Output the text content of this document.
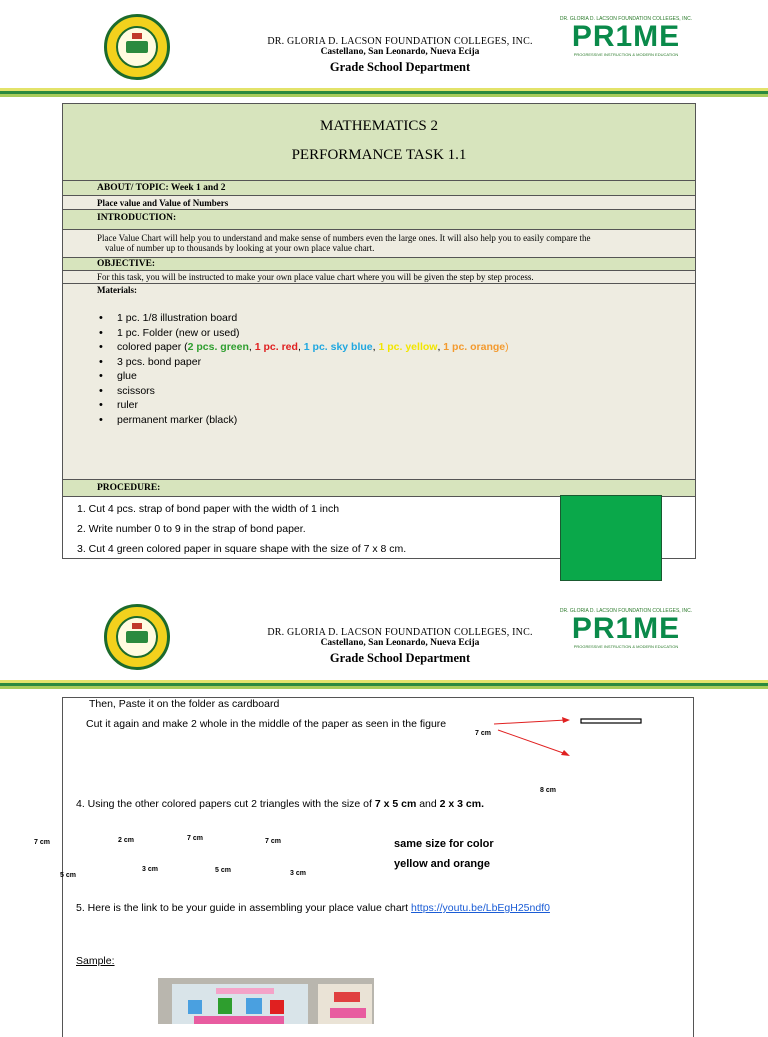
DR. GLORIA D. LACSON FOUNDATION COLLEGES, INC.
Castellano, San Leonardo, Nueva Ecija
Grade School Department
DR. GLORIA D. LACSON FOUNDATION COLLEGES, INC.
PR1ME
PROGRESSIVE INSTRUCTION & MODERN EDUCATION
MATHEMATICS 2
PERFORMANCE TASK 1.1
ABOUT/ TOPIC: Week 1 and 2
Place value and Value of Numbers
INTRODUCTION:
Place Value Chart will help you to understand and make sense of numbers even the large ones. It will also help you to easily compare the
value of number up to thousands by looking at your own place value chart.
OBJECTIVE:
For this task, you will be instructed to make your own place value chart where you will be given the step by step process.
Materials:
• 1 pc. 1/8 illustration board
• 1 pc. Folder (new or used)
• colored paper (2 pcs. green, 1 pc. red, 1 pc. sky blue, 1 pc. yellow, 1 pc. orange)
• 3 pcs. bond paper
• glue
• scissors
• ruler
• permanent marker (black)
PROCEDURE:
1. Cut 4 pcs. strap of bond paper with the width of 1 inch
2. Write number 0 to 9 in the strap of bond paper.
3. Cut 4 green colored paper in square shape with the size of 7 x 8 cm.
DR. GLORIA D. LACSON FOUNDATION COLLEGES, INC.
Castellano, San Leonardo, Nueva Ecija
Grade School Department
DR. GLORIA D. LACSON FOUNDATION COLLEGES, INC.
PR1ME
PROGRESSIVE INSTRUCTION & MODERN EDUCATION
Then, Paste it on the folder as cardboard
Cut it again and make 2 whole in the middle of the paper as seen in the figure
7 cm
8 cm
4. Using the other colored papers cut 2 triangles with the size of 7 x 5 cm and 2 x 3 cm.
7 cm	2 cm	7 cm	7 cm
3 cm	5 cm	3 cm
5 cm
same size for color
yellow and orange
5. Here is the link to be your guide in assembling your place value chart https://youtu.be/LbEgH25ndf0
Sample:
